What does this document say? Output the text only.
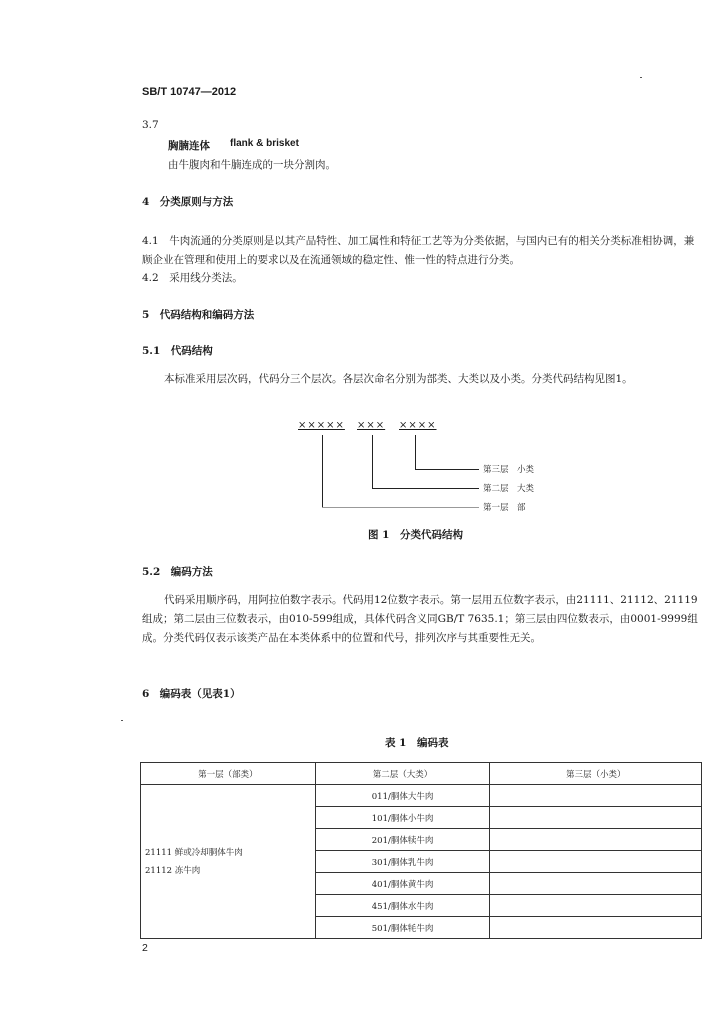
SB/T 10747—2012
3.7
胸腩连体 flank & brisket
由牛腹肉和牛腩连成的一块分割肉。
4　分类原则与方法
4.1　牛肉流通的分类原则是以其产品特性、加工属性和特征工艺等为分类依据，与国内已有的相关分类标准相协调，兼顾企业在管理和使用上的要求以及在流通领域的稳定性、惟一性的特点进行分类。
4.2　采用线分类法。
5　代码结构和编码方法
5.1　代码结构
本标准采用层次码，代码分三个层次。各层次命名分别为部类、大类以及小类。分类代码结构见图1。
××××× ××× ××××
第三层　小类
第二层　大类
第一层　部
图 1　分类代码结构
5.2　编码方法
代码采用顺序码，用阿拉伯数字表示。代码用12位数字表示。第一层用五位数字表示，由21111、21112、21119组成；第二层由三位数表示，由010-599组成，具体代码含义同GB/T 7635.1；第三层由四位数表示，由0001-9999组成。分类代码仅表示该类产品在本类体系中的位置和代号，排列次序与其重要性无关。
6　编码表（见表1）
表 1　编码表
第一层（部类）	第二层（大类）	第三层（小类）

21111 鲜或冷却胴体牛肉
21112 冻牛肉	011/胴体大牛肉	
	101/胴体小牛肉	
	201/胴体犊牛肉	
	301/胴体乳牛肉	
	401/胴体黄牛肉	
	451/胴体水牛肉	
	501/胴体牦牛肉	
2
